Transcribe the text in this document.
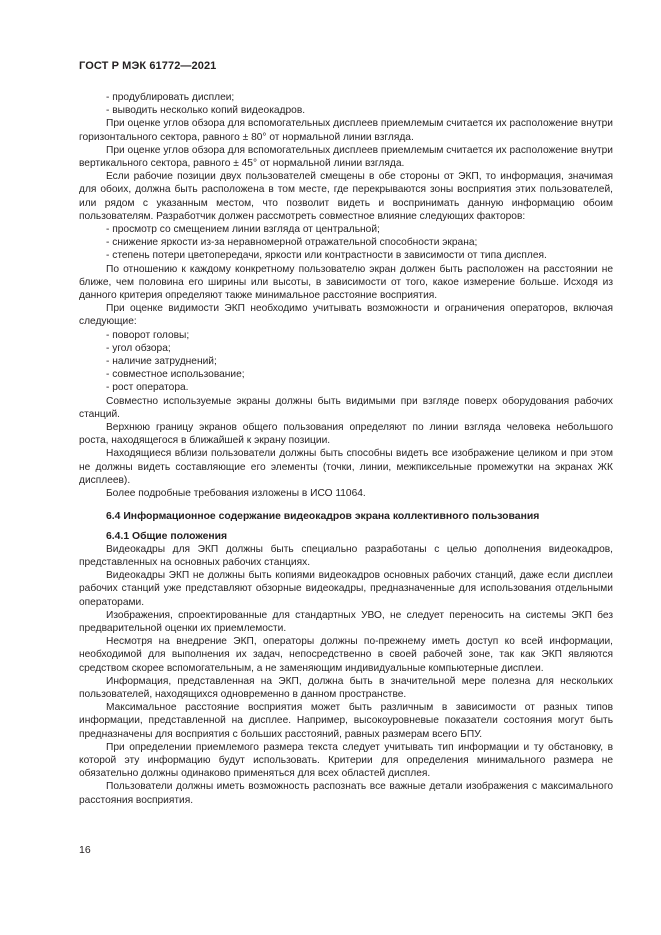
ГОСТ Р МЭК 61772—2021

- продублировать дисплеи;

- выводить несколько копий видеокадров.

При оценке углов обзора для вспомогательных дисплеев приемлемым считается их расположение внутри горизонтального сектора, равного ± 80° от нормальной линии взгляда.

При оценке углов обзора для вспомогательных дисплеев приемлемым считается их расположение внутри вертикального сектора, равного ± 45° от нормальной линии взгляда.

Если рабочие позиции двух пользователей смещены в обе стороны от ЭКП, то информация, значимая для обоих, должна быть расположена в том месте, где перекрываются зоны восприятия этих пользователей, или рядом с указанным местом, что позволит видеть и воспринимать данную информацию обоим пользователям. Разработчик должен рассмотреть совместное влияние следующих факторов:

- просмотр со смещением линии взгляда от центральной;

- снижение яркости из-за неравномерной отражательной способности экрана;

- степень потери цветопередачи, яркости или контрастности в зависимости от типа дисплея.

По отношению к каждому конкретному пользователю экран должен быть расположен на расстоянии не ближе, чем половина его ширины или высоты, в зависимости от того, какое измерение больше. Исходя из данного критерия определяют также минимальное расстояние восприятия.

При оценке видимости ЭКП необходимо учитывать возможности и ограничения операторов, включая следующие:

- поворот головы;

- угол обзора;

- наличие затруднений;

- совместное использование;

- рост оператора.

Совместно используемые экраны должны быть видимыми при взгляде поверх оборудования рабочих станций.

Верхнюю границу экранов общего пользования определяют по линии взгляда человека небольшого роста, находящегося в ближайшей к экрану позиции.

Находящиеся вблизи пользователи должны быть способны видеть все изображение целиком и при этом не должны видеть составляющие его элементы (точки, линии, межпиксельные промежутки на экранах ЖК дисплеев).

Более подробные требования изложены в ИСО 11064.

6.4 Информационное содержание видеокадров экрана коллективного пользования
6.4.1 Общие положения

Видеокадры для ЭКП должны быть специально разработаны с целью дополнения видеокадров, представленных на основных рабочих станциях.

Видеокадры ЭКП не должны быть копиями видеокадров основных рабочих станций, даже если дисплеи рабочих станций уже представляют обзорные видеокадры, предназначенные для использования отдельными операторами.

Изображения, спроектированные для стандартных УВО, не следует переносить на системы ЭКП без предварительной оценки их приемлемости.

Несмотря на внедрение ЭКП, операторы должны по-прежнему иметь доступ ко всей информации, необходимой для выполнения их задач, непосредственно в своей рабочей зоне, так как ЭКП являются средством скорее вспомогательным, а не заменяющим индивидуальные компьютерные дисплеи.

Информация, представленная на ЭКП, должна быть в значительной мере полезна для нескольких пользователей, находящихся одновременно в данном пространстве.

Максимальное расстояние восприятия может быть различным в зависимости от разных типов информации, представленной на дисплее. Например, высокоуровневые показатели состояния могут быть предназначены для восприятия с больших расстояний, равных размерам всего БПУ.

При определении приемлемого размера текста следует учитывать тип информации и ту обстановку, в которой эту информацию будут использовать. Критерии для определения минимального размера не обязательно должны одинаково применяться для всех областей дисплея.

Пользователи должны иметь возможность распознать все важные детали изображения с максимального расстояния восприятия.

16
